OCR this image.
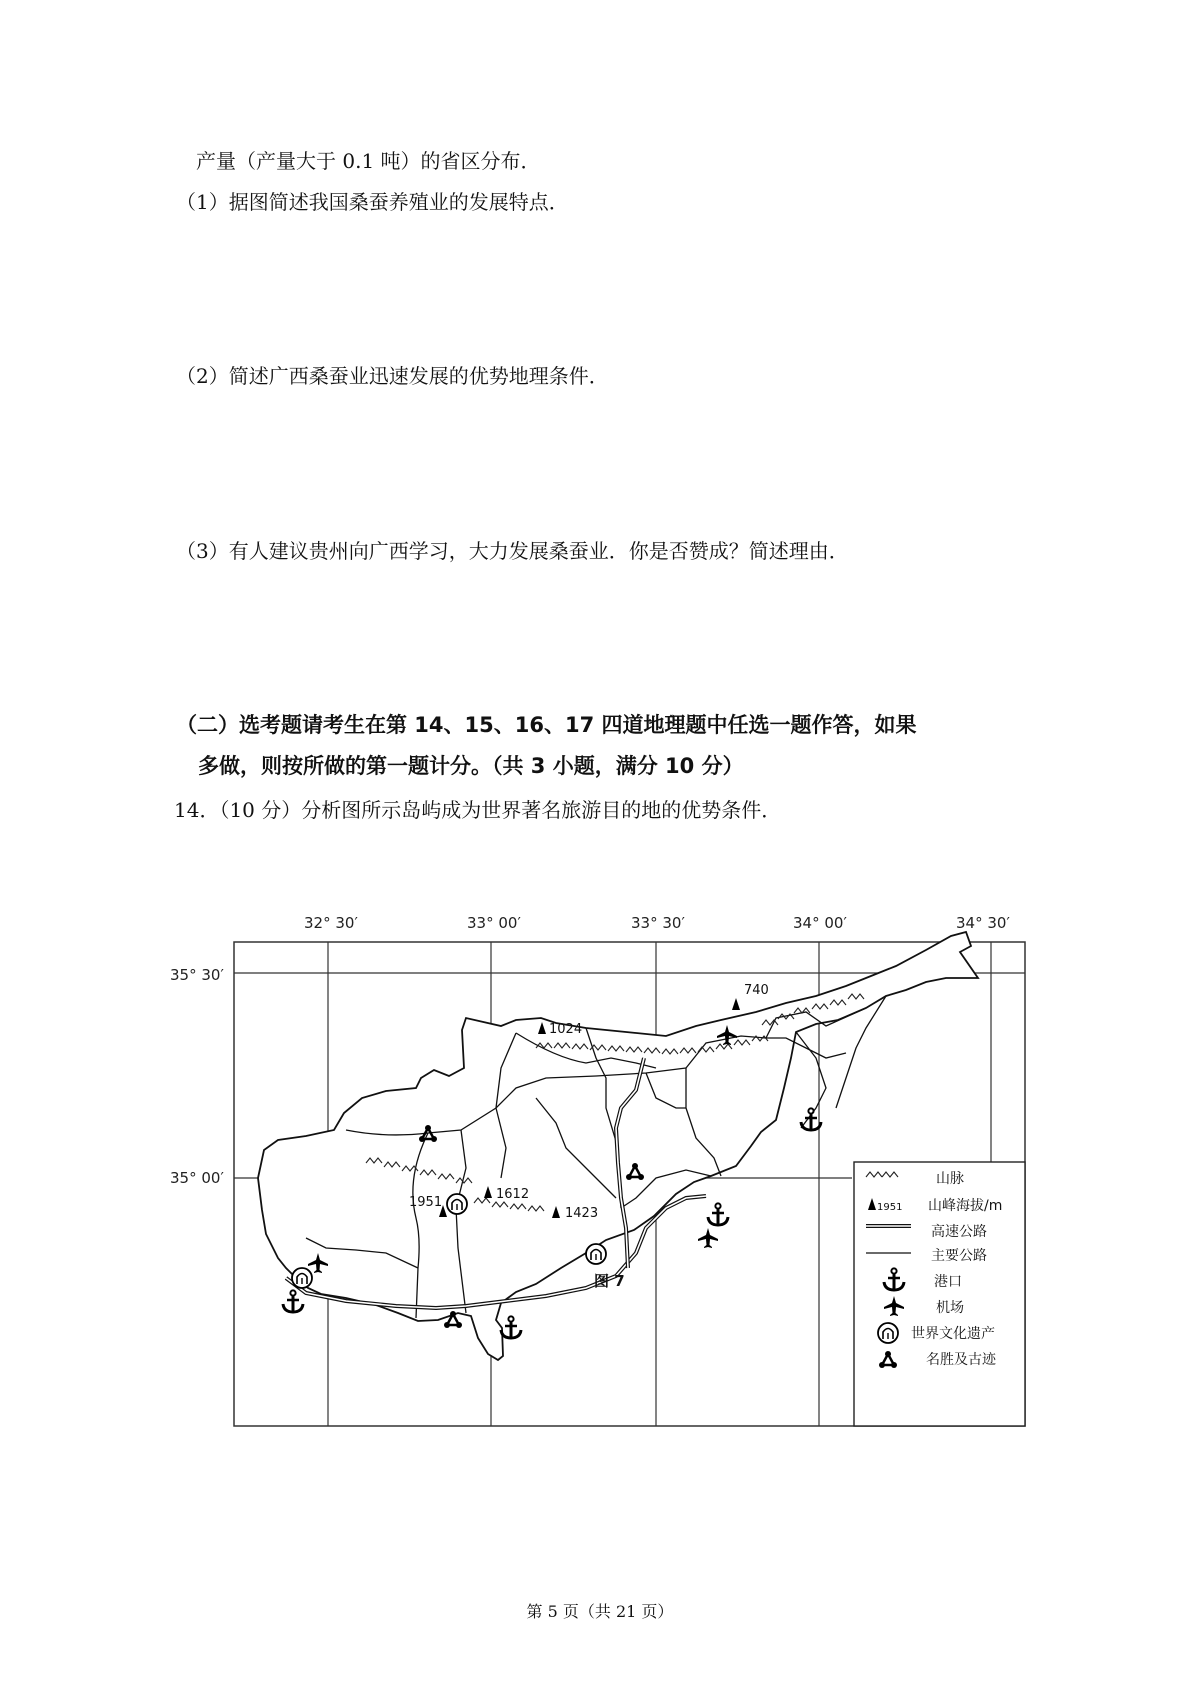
产量（产量大于 0.1 吨）的省区分布．
（1）据图简述我国桑蚕养殖业的发展特点．
（2）简述广西桑蚕业迅速发展的优势地理条件．
（3）有人建议贵州向广西学习，大力发展桑蚕业．你是否赞成？简述理由．
（二）选考题请考生在第 14、15、16、17 四道地理题中任选一题作答，如果
多做，则按所做的第一题计分。（共 3 小题，满分 10 分）
14．（10 分）分析图所示岛屿成为世界著名旅游目的地的优势条件．
32° 30′	33° 00′	33° 30′	34° 00′	34° 30′
35° 30′
35° 00′
1024
740
1951
1612
1423
图 7
山脉
1951 山峰海拔/m
高速公路
主要公路
港口
机场
世界文化遗产
名胜及古迹
第 5 页（共 21 页）
